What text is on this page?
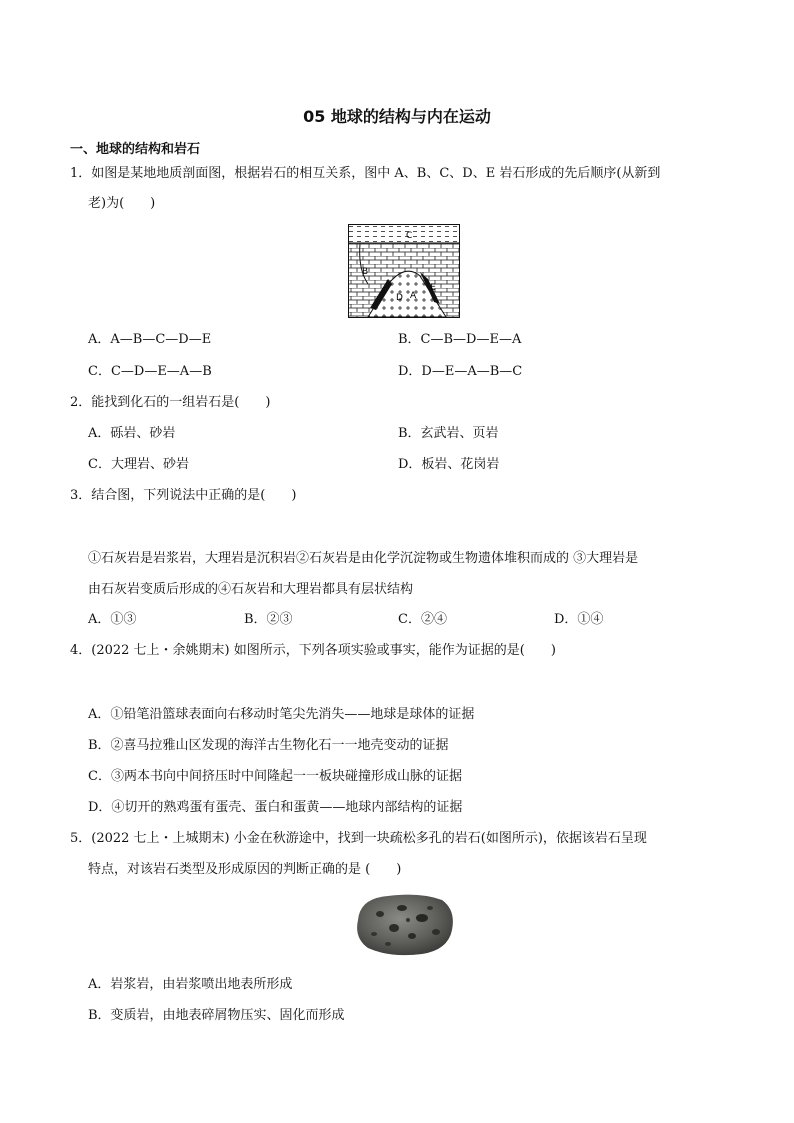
05 地球的结构与内在运动
一、地球的结构和岩石
1．如图是某地地质剖面图，根据岩石的相互关系，图中 A、B、C、D、E 岩石形成的先后顺序(从新到
老)为(　　)
C
B
E
D A
A．A—B—C—D—E	B．C—B—D—E—A
C．C—D—E—A—B	D．D—E—A—B—C
2．能找到化石的一组岩石是(　　)
A．砾岩、砂岩	B．玄武岩、页岩
C．大理岩、砂岩	D．板岩、花岗岩
3．结合图，下列说法中正确的是(　　)
①石灰岩是岩浆岩，大理岩是沉积岩②石灰岩是由化学沉淀物或生物遗体堆积而成的 ③大理岩是
由石灰岩变质后形成的④石灰岩和大理岩都具有层状结构
A．①③	B．②③	C．②④	D．①④
4．(2022 七上・余姚期末) 如图所示，下列各项实验或事实，能作为证据的是(　　)
A．①铅笔沿篮球表面向右移动时笔尖先消失——地球是球体的证据
B．②喜马拉雅山区发现的海洋古生物化石一一地壳变动的证据
C．③两本书向中间挤压时中间隆起一一板块碰撞形成山脉的证据
D．④切开的熟鸡蛋有蛋壳、蛋白和蛋黄——地球内部结构的证据
5．(2022 七上・上城期末) 小金在秋游途中，找到一块疏松多孔的岩石(如图所示)，依据该岩石呈现
特点，对该岩石类型及形成原因的判断正确的是 (　　)
A．岩浆岩，由岩浆喷出地表所形成
B．变质岩，由地表碎屑物压实、固化而形成
